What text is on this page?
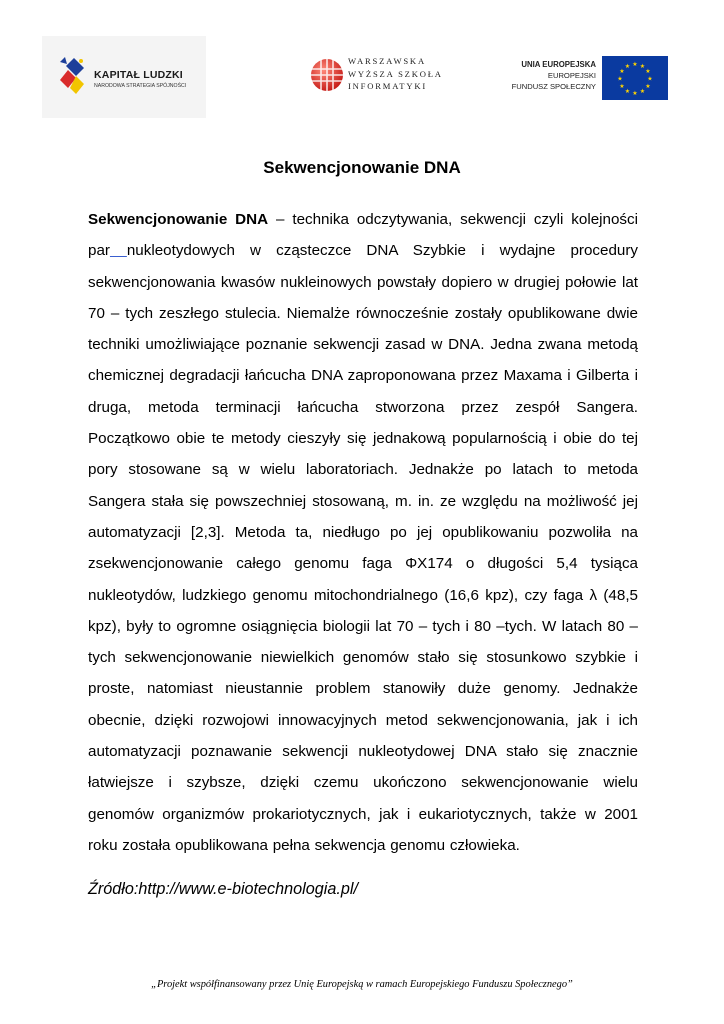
KAPITAŁ LUDZKI
NARODOWA STRATEGIA SPÓJNOŚCI
WARSZAWSKA
WYŻSZA SZKOŁA
INFORMATYKI
UNIA EUROPEJSKA
EUROPEJSKI
FUNDUSZ SPOŁECZNY
★ ★
★
★
★
★
★
★
★
★
★
★
Sekwencjonowanie DNA
Sekwencjonowanie DNA – technika odczytywania, sekwencji czyli kolejności par nukleotydowych w cząsteczce DNA Szybkie i wydajne procedury sekwencjonowania kwasów nukleinowych powstały dopiero w drugiej połowie lat 70 – tych zeszłego stulecia. Niemalże równocześnie zostały opublikowane dwie techniki umożliwiające poznanie sekwencji zasad w DNA. Jedna zwana metodą chemicznej degradacji łańcucha DNA zaproponowana przez Maxama i Gilberta i druga, metoda terminacji łańcucha stworzona przez zespół Sangera. Początkowo obie te metody cieszyły się jednakową popularnością i obie do tej pory stosowane są w wielu laboratoriach. Jednakże po latach to metoda Sangera stała się powszechniej stosowaną, m. in. ze względu na możliwość jej automatyzacji [2,3]. Metoda ta, niedługo po jej opublikowaniu pozwoliła na zsekwencjonowanie całego genomu faga ΦX174 o długości 5,4 tysiąca nukleotydów, ludzkiego genomu mitochondrialnego (16,6 kpz), czy faga λ (48,5 kpz), były to ogromne osiągnięcia biologii lat 70 – tych i 80 –tych. W latach 80 – tych sekwencjonowanie niewielkich genomów stało się stosunkowo szybkie i proste, natomiast nieustannie problem stanowiły duże genomy. Jednakże obecnie, dzięki rozwojowi innowacyjnych metod sekwencjonowania, jak i ich automatyzacji poznawanie sekwencji nukleotydowej DNA stało się znacznie łatwiejsze i szybsze, dzięki czemu ukończono sekwencjonowanie wielu genomów organizmów prokariotycznych, jak i eukariotycznych, także w 2001 roku została opublikowana pełna sekwencja genomu człowieka.
Źródło:http://www.e-biotechnologia.pl/
„Projekt współfinansowany przez Unię Europejską w ramach Europejskiego Funduszu Społecznego”
